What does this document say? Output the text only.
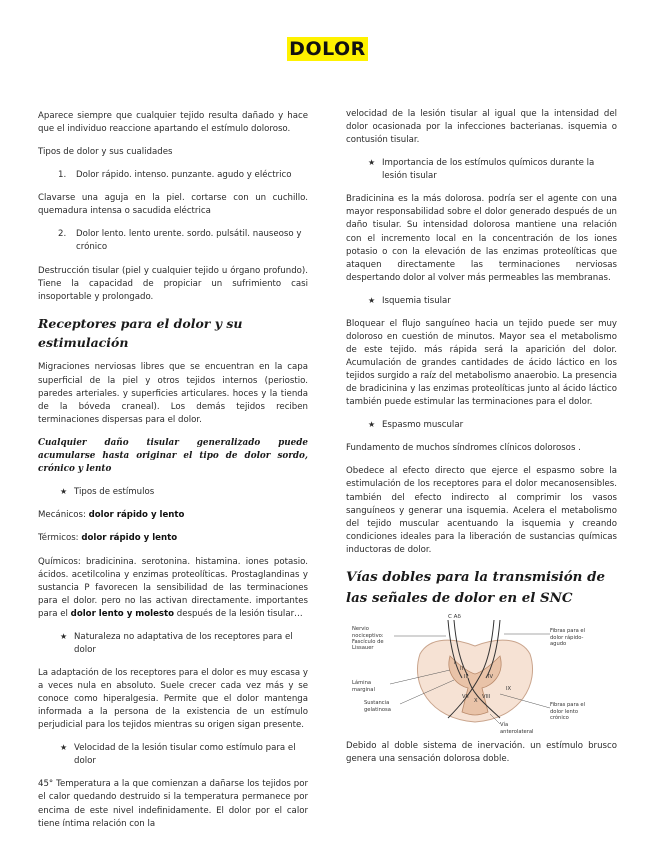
DOLOR

Aparece siempre que cualquier tejido resulta dañado y hace que el individuo reaccione apartando el estímulo doloroso.

Tipos de dolor y sus cualidades

1.	Dolor rápido. intenso. punzante. agudo y eléctrico

Clavarse una aguja en la piel. cortarse con un cuchillo. quemadura intensa o sacudida eléctrica

2.	Dolor lento. lento urente. sordo. pulsátil. nauseoso y crónico

Destrucción tisular (piel y cualquier tejido u órgano profundo). Tiene la capacidad de propiciar un sufrimiento casi insoportable y prolongado.

Receptores para el dolor y su estimulación

Migraciones nerviosas libres que se encuentran en la capa superficial de la piel y otros tejidos internos (periostio. paredes arteriales. y superficies articulares. hoces y la tienda de la bóveda craneal). Los demás tejidos reciben terminaciones dispersas para el dolor.

Cualquier daño tisular generalizado puede acumularse hasta originar el tipo de dolor sordo, crónico y lento

★ Tipos de estímulos

Mecánicos: dolor rápido y lento

Térmicos: dolor rápido y lento

Químicos: bradicinina. serotonina. histamina. iones potasio. ácidos. acetilcolina y enzimas proteolíticas. Prostaglandinas y sustancia P favorecen la sensibilidad de las terminaciones para el dolor. pero no las activan directamente. importantes para el dolor lento y molesto después de la lesión tisular…

★ Naturaleza no adaptativa de los receptores para el dolor

La adaptación de los receptores para el dolor es muy escasa y a veces nula en absoluto. Suele crecer cada vez más y se conoce como hiperalgesia. Permite que el dolor mantenga informada a la persona de la existencia de un estímulo perjudicial para los tejidos mientras su origen sigan presente.

★ Velocidad de la lesión tisular como estímulo para el dolor

45° Temperatura a la que comienzan a dañarse los tejidos por el calor quedando destruido si la temperatura permanece por encima de este nivel indefinidamente. El dolor por el calor tiene íntima relación con la

velocidad de la lesión tisular al igual que la intensidad del dolor ocasionada por la infecciones bacterianas. isquemia o contusión tisular.

★ Importancia de los estímulos químicos durante la lesión tisular

Bradicinina es la más dolorosa. podría ser el agente con una mayor responsabilidad sobre el dolor generado después de un daño tisular. Su intensidad dolorosa mantiene una relación con el incremento local en la concentración de los iones potasio o con la elevación de las enzimas proteolíticas que ataquen directamente las terminaciones nerviosas despertando dolor al volver más permeables las membranas.

★ Isquemia tisular

Bloquear el flujo sanguíneo hacia un tejido puede ser muy doloroso en cuestión de minutos. Mayor sea el metabolismo de este tejido. más rápida será la aparición del dolor. Acumulación de grandes cantidades de ácido láctico en los tejidos surgido a raíz del metabolismo anaerobio. La presencia de bradicinina y las enzimas proteolíticas junto al ácido láctico también puede estimular las terminaciones para el dolor.

★ Espasmo muscular

Fundamento de muchos síndromes clínicos dolorosos .

Obedece al efecto directo que ejerce el espasmo sobre la estimulación de los receptores para el dolor mecanosensibles. también del efecto indirecto al comprimir los vasos sanguíneos y generar una isquemia. Acelera el metabolismo del tejido muscular acentuando la isquemia y creando condiciones ideales para la liberación de sustancias químicas inductoras de dolor.

Vías dobles para la transmisión de las señales de dolor en el SNC
C Aδ
Nervio nociceptivo: Fascículo de Lissauer
Lámina marginal
Sustancia gelatinosa
Fibras para el dolor rápido-agudo
Fibras para el dolor lento crónico
Vía anterolateral
I
II
III
VII	VIII
IX
X
IV

Debido al doble sistema de inervación. un estímulo brusco genera una sensación dolorosa doble.
